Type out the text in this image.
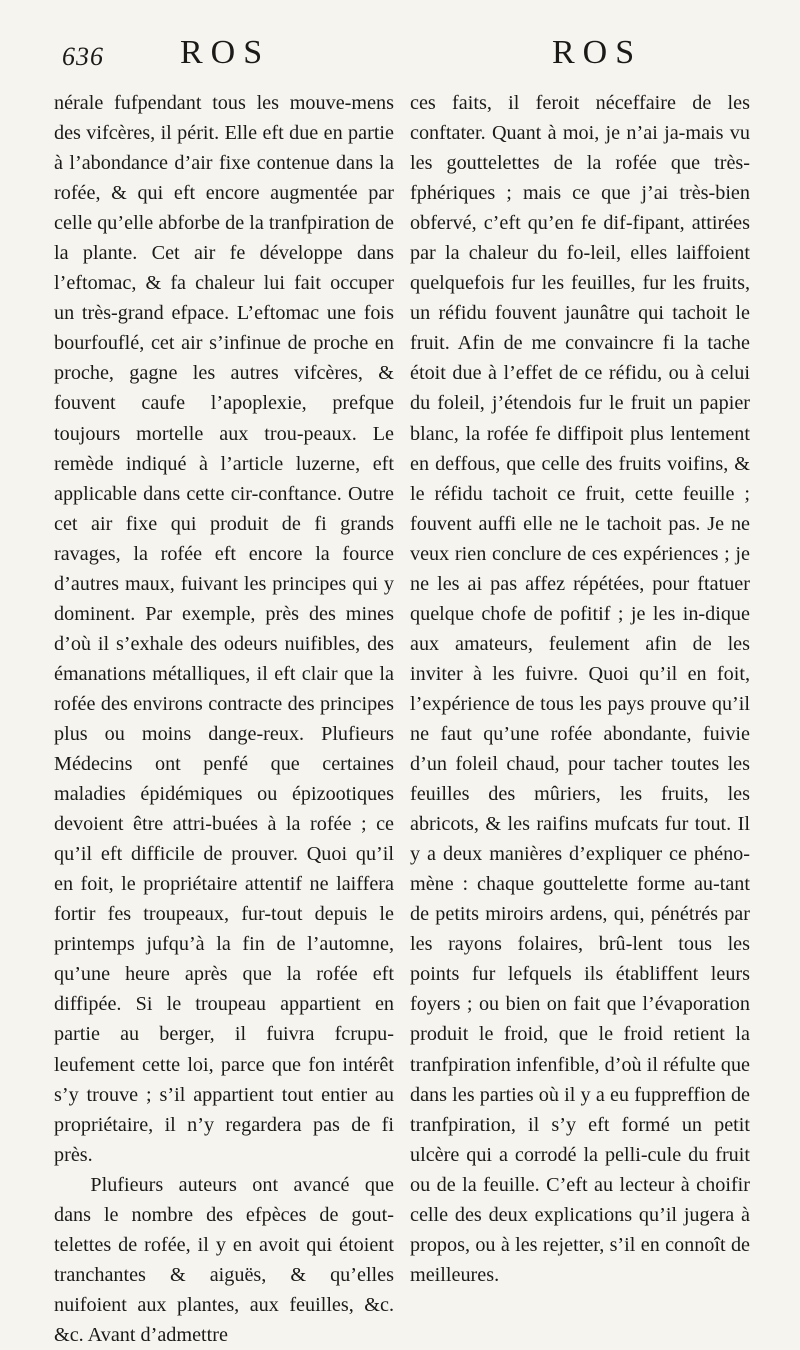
636 ROS	ROS

nérale fufpendant tous les mouve-mens des vifcères, il périt. Elle eft due en partie à l’abondance d’air fixe contenue dans la rofée, & qui eft encore augmentée par celle qu’elle abforbe de la tranfpiration de la plante. Cet air fe développe dans l’eftomac, & fa chaleur lui fait occuper un très-grand efpace. L’eftomac une fois bourfouflé, cet air s’infinue de proche en proche, gagne les autres vifcères, & fouvent caufe l’apoplexie, prefque toujours mortelle aux trou-peaux. Le remède indiqué à l’article luzerne, eft applicable dans cette cir-conftance. Outre cet air fixe qui produit de fi grands ravages, la rofée eft encore la fource d’autres maux, fuivant les principes qui y dominent. Par exemple, près des mines d’où il s’exhale des odeurs nuifibles, des émanations métalliques, il eft clair que la rofée des environs contracte des principes plus ou moins dange-reux. Plufieurs Médecins ont penfé que certaines maladies épidémiques ou épizootiques devoient être attri-buées à la rofée ; ce qu’il eft difficile de prouver. Quoi qu’il en foit, le propriétaire attentif ne laiffera fortir fes troupeaux, fur-tout depuis le printemps jufqu’à la fin de l’automne, qu’une heure après que la rofée eft diffipée. Si le troupeau appartient en partie au berger, il fuivra fcrupu-leufement cette loi, parce que fon intérêt s’y trouve ; s’il appartient tout entier au propriétaire, il n’y regardera pas de fi près.

Plufieurs auteurs ont avancé que dans le nombre des efpèces de gout-telettes de rofée, il y en avoit qui étoient tranchantes & aiguës, & qu’elles nuifoient aux plantes, aux feuilles, &c. &c. Avant d’admettre

ces faits, il feroit néceffaire de les conftater. Quant à moi, je n’ai ja-mais vu les gouttelettes de la rofée que très-fphériques ; mais ce que j’ai très-bien obfervé, c’eft qu’en fe dif-fipant, attirées par la chaleur du fo-leil, elles laiffoient quelquefois fur les feuilles, fur les fruits, un réfidu fouvent jaunâtre qui tachoit le fruit. Afin de me convaincre fi la tache étoit due à l’effet de ce réfidu, ou à celui du foleil, j’étendois fur le fruit un papier blanc, la rofée fe diffipoit plus lentement en deffous, que celle des fruits voifins, & le réfidu tachoit ce fruit, cette feuille ; fouvent auffi elle ne le tachoit pas. Je ne veux rien conclure de ces expériences ; je ne les ai pas affez répétées, pour ftatuer quelque chofe de pofitif ; je les in-dique aux amateurs, feulement afin de les inviter à les fuivre. Quoi qu’il en foit, l’expérience de tous les pays prouve qu’il ne faut qu’une rofée abondante, fuivie d’un foleil chaud, pour tacher toutes les feuilles des mûriers, les fruits, les abricots, & les raifins mufcats fur tout. Il y a deux manières d’expliquer ce phéno-mène : chaque gouttelette forme au-tant de petits miroirs ardens, qui, pénétrés par les rayons folaires, brû-lent tous les points fur lefquels ils établiffent leurs foyers ; ou bien on fait que l’évaporation produit le froid, que le froid retient la tranfpiration infenfible, d’où il réfulte que dans les parties où il y a eu fuppreffion de tranfpiration, il s’y eft formé un petit ulcère qui a corrodé la pelli-cule du fruit ou de la feuille. C’eft au lecteur à choifir celle des deux explications qu’il jugera à propos, ou à les rejetter, s’il en connoît de meilleures.
